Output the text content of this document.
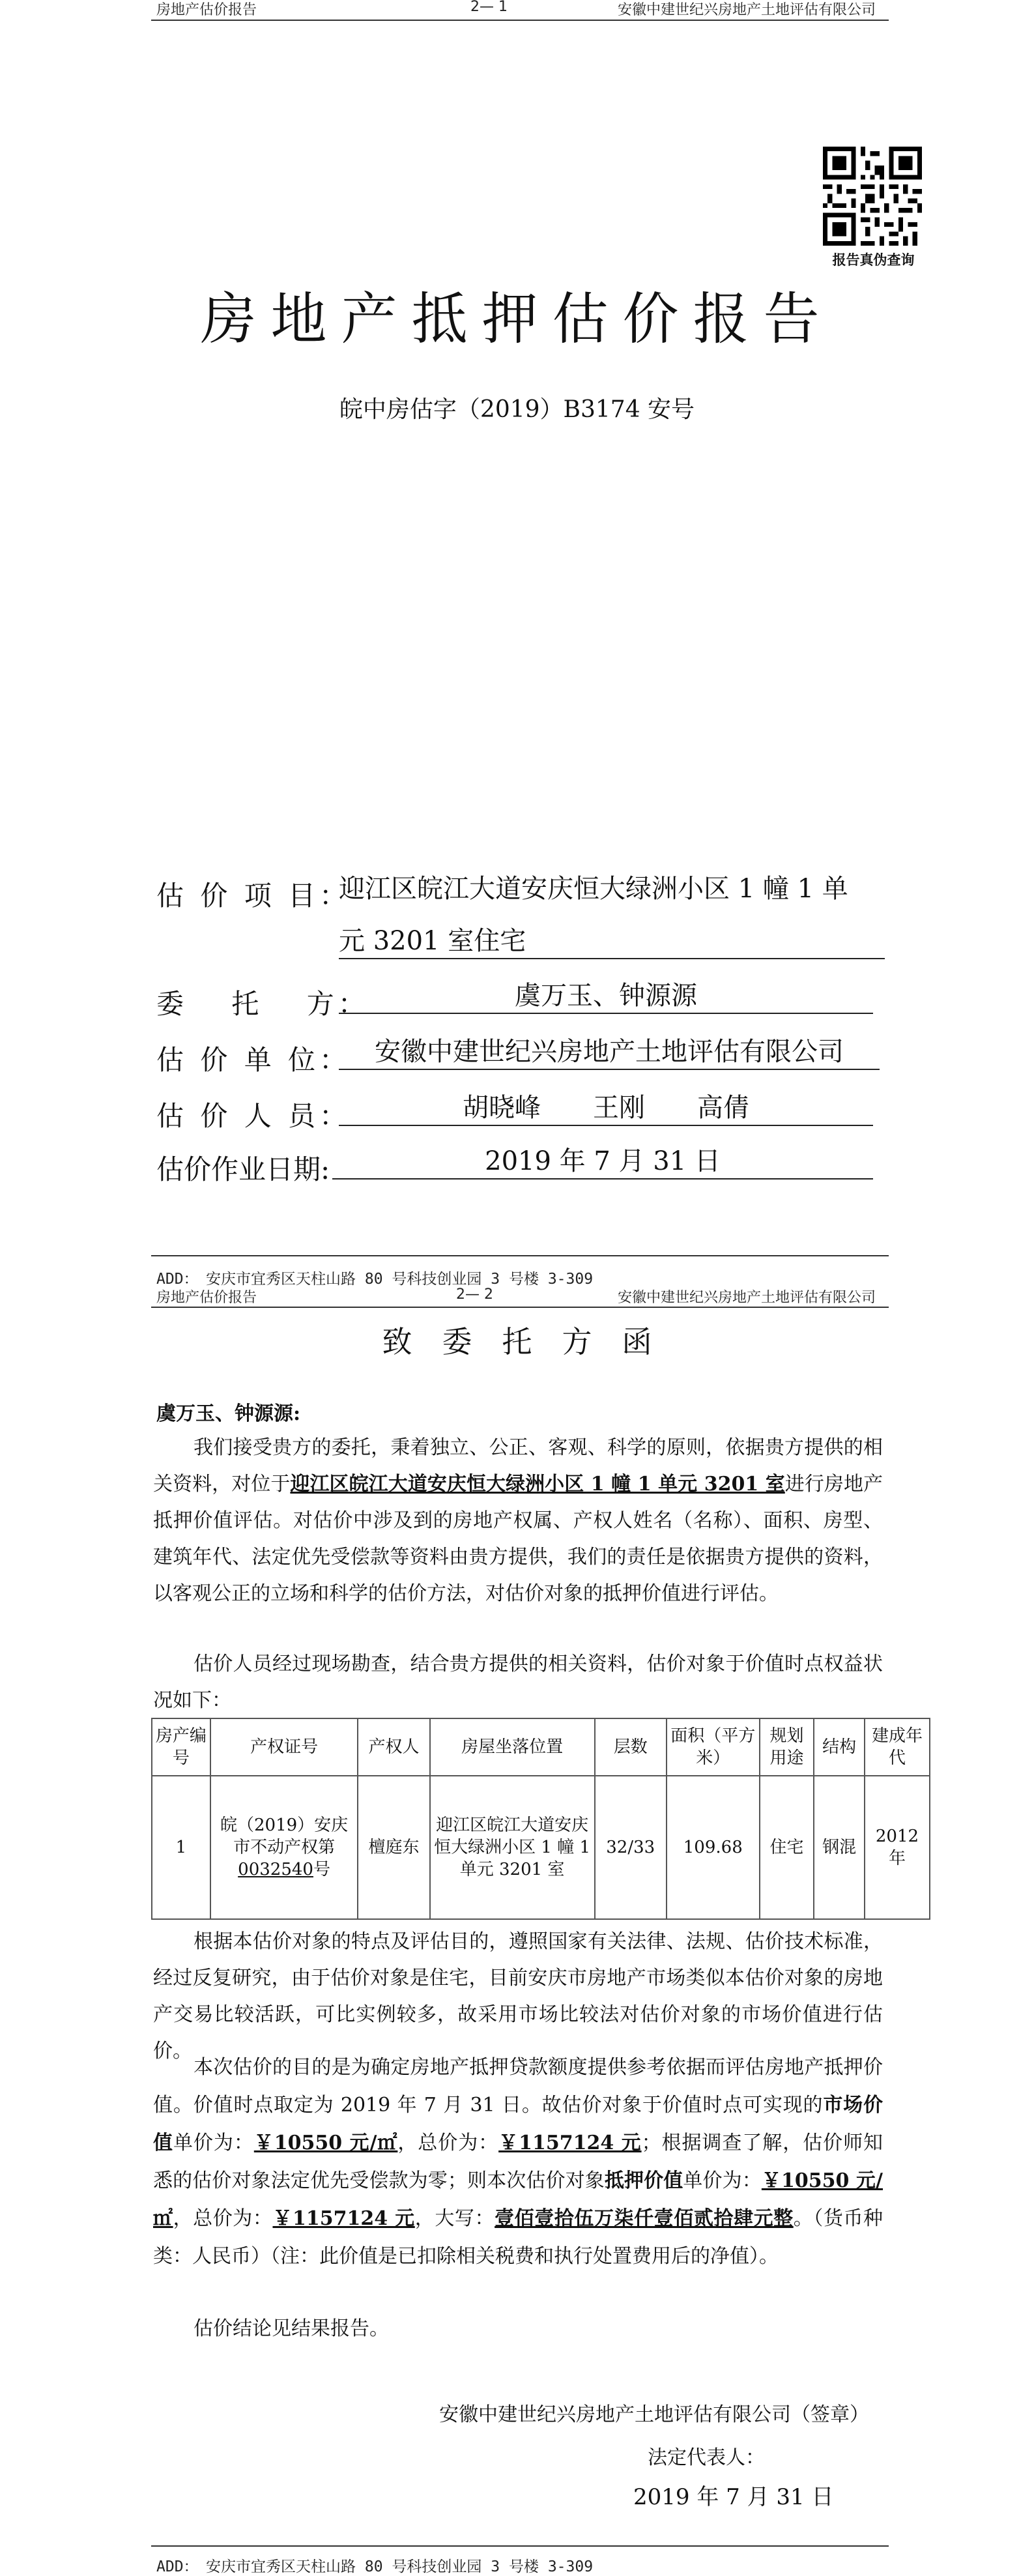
房地产估价报告	2— 1	安徽中建世纪兴房地产土地评估有限公司
报告真伪查询
房地产抵押估价报告
皖中房估字（2019）B3174 安号
估 价 项 目：
迎江区皖江大道安庆恒大绿洲小区 1 幢 1 单
元 3201 室住宅
委　 托　 方：	虞万玉、钟源源
估 价 单 位： 安徽中建世纪兴房地产土地评估有限公司
估 价 人 员：	胡晓峰　　王刚　　高倩
估价作业日期:	2019 年 7 月 31 日
ADD：　安庆市宜秀区天柱山路 80 号科技创业园 3 号楼 3-309
房地产估价报告	2— 2	安徽中建世纪兴房地产土地评估有限公司
致　委　托　方　函
虞万玉、钟源源:
我们接受贵方的委托，秉着独立、公正、客观、科学的原则，依据贵方提供的相关资料，对位于迎江区皖江大道安庆恒大绿洲小区 1 幢 1 单元 3201 室进行房地产抵押价值评估。对估价中涉及到的房地产权属、产权人姓名（名称）、面积、房型、建筑年代、法定优先受偿款等资料由贵方提供，我们的责任是依据贵方提供的资料，以客观公正的立场和科学的估价方法，对估价对象的抵押价值进行评估。
估价人员经过现场勘查，结合贵方提供的相关资料，估价对象于价值时点权益状况如下：
房产编号	产权证号	产权人	房屋坐落位置	层数	面积（平方米）	规划用途	结构	建成年代
1	皖（2019）安庆市不动产权第0032540号	檀庭东	迎江区皖江大道安庆恒大绿洲小区 1 幢 1 单元 3201 室	32/33	109.68	住宅	钢混	2012 年
根据本估价对象的特点及评估目的，遵照国家有关法律、法规、估价技术标准，经过反复研究，由于估价对象是住宅，目前安庆市房地产市场类似本估价对象的房地产交易比较活跃，可比实例较多，故采用市场比较法对估价对象的市场价值进行估价。
本次估价的目的是为确定房地产抵押贷款额度提供参考依据而评估房地产抵押价值。价值时点取定为 2019 年 7 月 31 日。故估价对象于价值时点可实现的市场价值单价为：￥10550 元/㎡，总价为：￥1157124 元；根据调查了解，估价师知悉的估价对象法定优先受偿款为零；则本次估价对象抵押价值单价为：￥10550 元/㎡，总价为：￥1157124 元，大写：壹佰壹拾伍万柒仟壹佰贰拾肆元整。（货币种类：人民币）（注：此价值是已扣除相关税费和执行处置费用后的净值）。
估价结论见结果报告。
安徽中建世纪兴房地产土地评估有限公司（签章）
法定代表人：
2019 年 7 月 31 日
ADD：　安庆市宜秀区天柱山路 80 号科技创业园 3 号楼 3-309
